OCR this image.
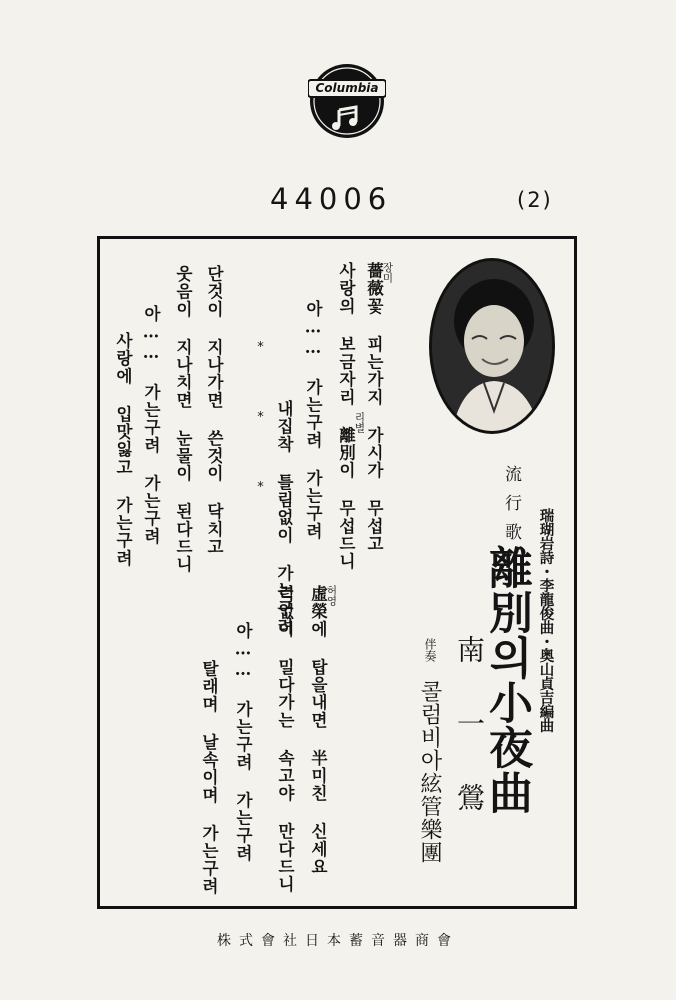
Columbia
44006	(2)
流行歌 瑞瑚岩詩・李龍俊曲・奥山貞吉編曲
離別의小夜曲
南一鶯
伴奏
콜럼비아絃管樂團
薔薇꽃 피는가지 가시가 무섭고
장미
사랑의 보금자리 離別이 무섭드니
리별
아…… 가는구려 가는구려
내집착 틀림없이 가는구려
* * *
단것이 지나가면 쓴것이 닥치고
웃음이 지나치면 눈물이 된다드니
아…… 가는구려 가는구려
사랑에 입맛잃고 가는구려
虛榮에 탑을내면 半미친 신세요
허영
럭없이 밀다가는 속고야 만다드니
아…… 가는구려 가는구려
탈래며 날속이며 가는구려
株式會社日本蓄音器商會
